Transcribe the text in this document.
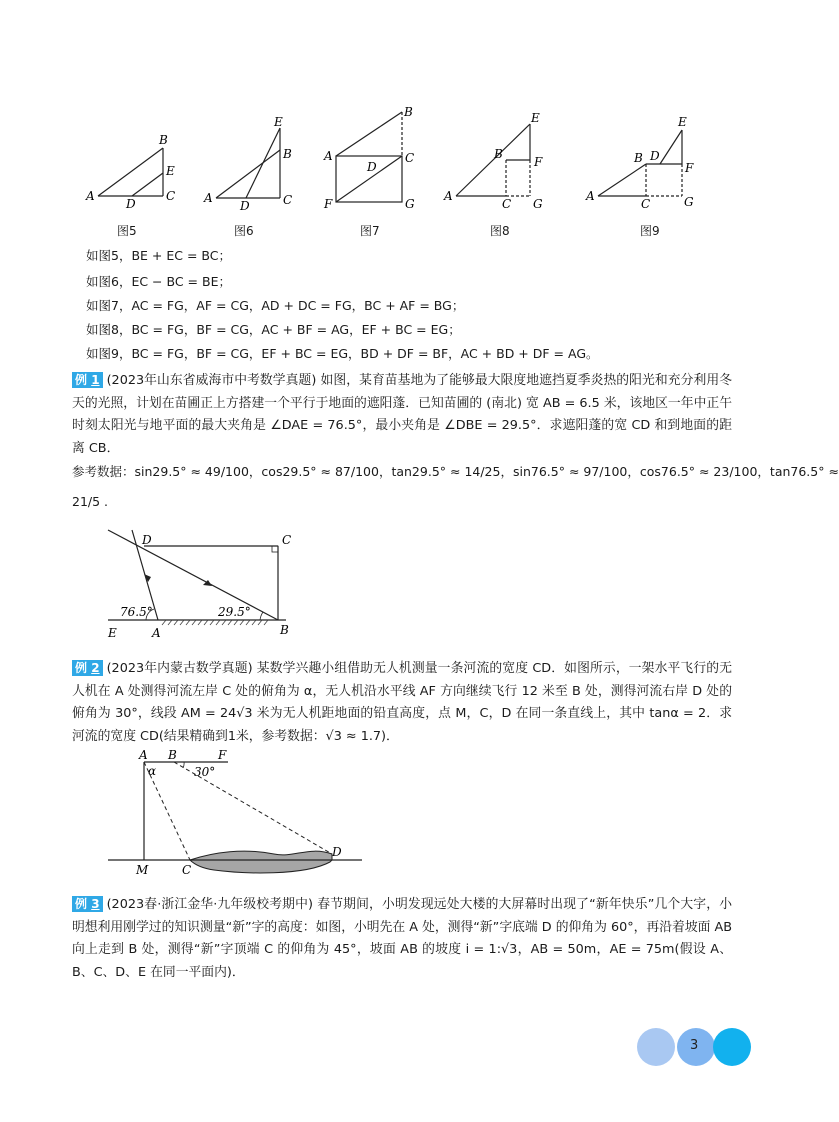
A
B
C
D
E
A
B
C
D
E
A
B
C
D
F	G
A
B
C
E
F
G
A
B
C
D
E
F
G
图5	图6	图7	图8	图9
如图5，BE + EC = BC；
如图6，EC − BC = BE；
如图7，AC = FG，AF = CG，AD + DC = FG，BC + AF = BG；
如图8，BC = FG，BF = CG，AC + BF = AG，EF + BC = EG；
如图9，BC = FG，BF = CG，EF + BC = EG，BD + DF = BF，AC + BD + DF = AG。
例 1 (2023年山东省威海市中考数学真题) 如图，某育苗基地为了能够最大限度地遮挡夏季炎热的阳光和充分利用冬天的光照，计划在苗圃正上方搭建一个平行于地面的遮阳蓬．已知苗圃的 (南北) 宽 AB = 6.5 米，该地区一年中正午时刻太阳光与地平面的最大夹角是 ∠DAE = 76.5°，最小夹角是 ∠DBE = 29.5°．求遮阳蓬的宽 CD 和到地面的距离 CB．
参考数据：sin29.5° ≈ 49/100，cos29.5° ≈ 87/100，tan29.5° ≈ 14/25，sin76.5° ≈ 97/100，cos76.5° ≈ 23/100，tan76.5° ≈
21/5 .
D	C
E	A	B
76.5°	29.5°
例 2 (2023年内蒙古数学真题) 某数学兴趣小组借助无人机测量一条河流的宽度 CD．如图所示，一架水平飞行的无人机在 A 处测得河流左岸 C 处的俯角为 α，无人机沿水平线 AF 方向继续飞行 12 米至 B 处，测得河流右岸 D 处的俯角为 30°，线段 AM = 24√3 米为无人机距地面的铅直高度，点 M，C，D 在同一条直线上，其中 tanα = 2．求河流的宽度 CD(结果精确到1米，参考数据：√3 ≈ 1.7)．
A B	F
M	C
D
α	30°
例 3 (2023春·浙江金华·九年级校考期中) 春节期间，小明发现远处大楼的大屏幕时出现了“新年快乐”几个大字，小明想利用刚学过的知识测量“新”字的高度：如图，小明先在 A 处，测得“新”字底端 D 的仰角为 60°，再沿着坡面 AB 向上走到 B 处，测得“新”字顶端 C 的仰角为 45°，坡面 AB 的坡度 i = 1:√3，AB = 50m，AE = 75m(假设 A、B、C、D、E 在同一平面内)．
3
